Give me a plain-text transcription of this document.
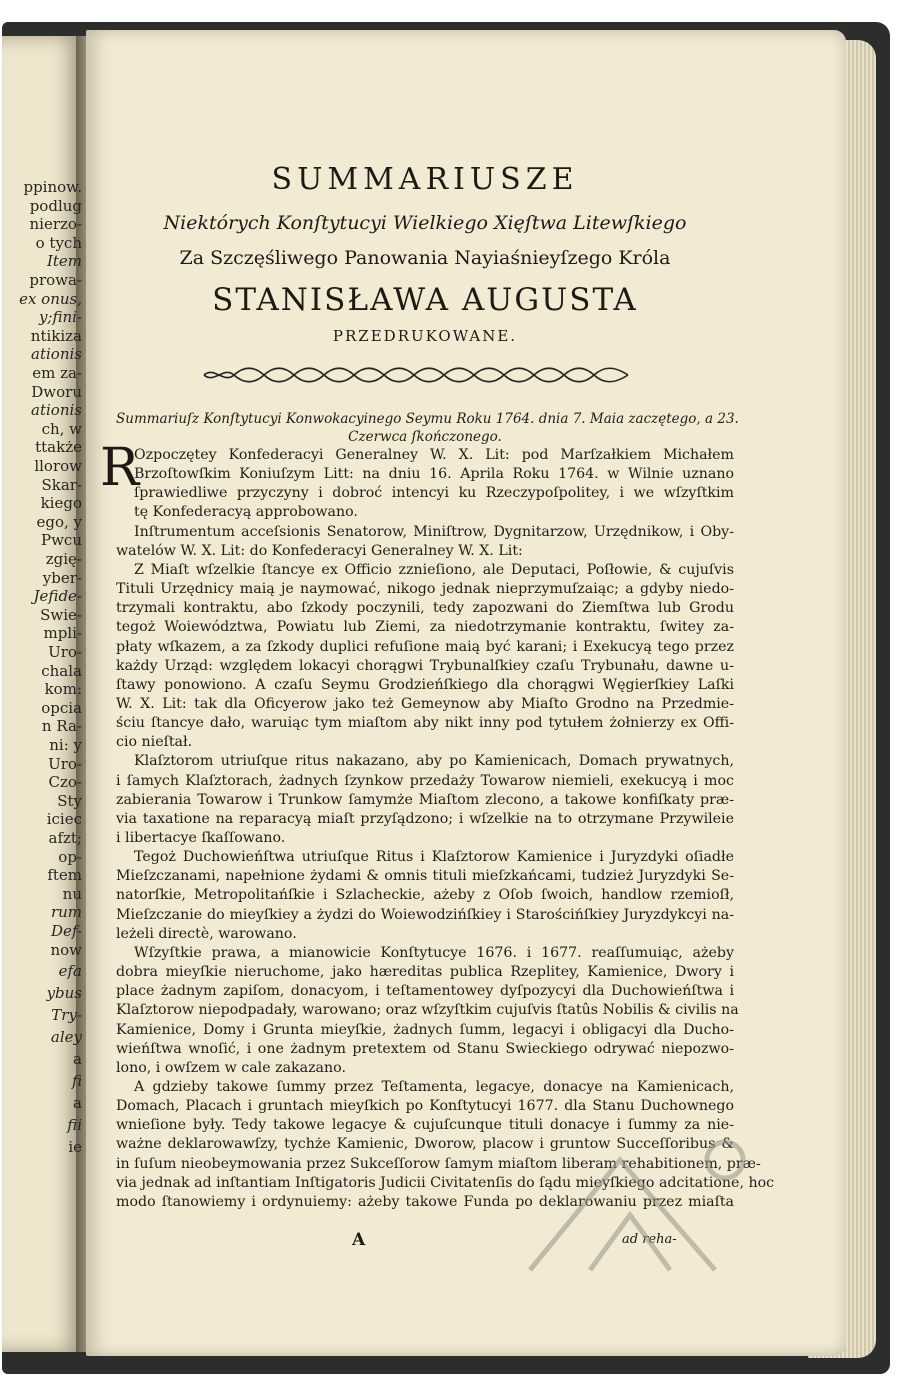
ppinow.
podlug
nierzo-
o tych
Item
prowa-
ex onus,
y;fini-
ntikiza
ationis
em za-
Dworu
ationis
ch, w
ttakże
llorow
Skar-
kiego
ego, y
Pwcu
zgię-
yber-
Jefide-
Swie-
mpli-
Uro-
chala
kom:
opcia
n Ra-
ni: y
Uro-
Czo-
Sty
iciec
afzt;
op-
ftem
nu
rum
Def-
now
efa
ybus
Try-
aley
a
fi
a
fii
ie
SUMMARIUSZE
Niektórych Konſtytucyi Wielkiego Xięſtwa Litewſkiego
Za Szczęśliwego Panowania Nayiaśnieyſzego Króla
STANISŁAWA AUGUSTA
PRZEDRUKOWANE.
Summariuſz Konſtytucyi Konwokacyinego Seymu Roku 1764. dnia 7. Maia zaczętego, a 23.
Czerwca ſkończonego.
R
Ozpoczętey Konfederacyi Generalney W. X. Lit: pod Marſzałkiem Michałem
Brzoſtowſkim Koniuſzym Litt: na dniu 16. Aprila Roku 1764. w Wilnie uznano
ſprawiedliwe przyczyny i dobroć intencyi ku Rzeczypoſpolitey, i we wſzyſtkim
tę Konfederacyą approbowano.
Inſtrumentum acceſsionis Senatorow, Miniſtrow, Dygnitarzow, Urzędnikow, i Oby-
watelów W. X. Lit: do Konfederacyi Generalney W. X. Lit:
Z Miaſt wſzelkie ſtancye ex Officio zznieſiono, ale Deputaci, Poſłowie, & cujuſvis
Tituli Urzędnicy maią je naymować, nikogo jednak nieprzymuſzaiąc; a gdyby niedo-
trzymali kontraktu, abo ſzkody poczynili, tedy zapozwani do Ziemſtwa lub Grodu
tegoż Woiewództwa, Powiatu lub Ziemi, za niedotrzymanie kontraktu, ſwitey za-
płaty wſkazem, a za ſzkody duplici refuſione maią być karani; i Exekucyą tego przez
każdy Urząd: względem lokacyi chorągwi Trybunalſkiey czaſu Trybunału, dawne u-
ſtawy ponowiono. A czaſu Seymu Grodzieńſkiego dla chorągwi Węgierſkiey Laſki
W. X. Lit: tak dla Oficyerow jako też Gemeynow aby Miaſto Grodno na Przedmie-
ściu ſtancye dało, waruiąc tym miaſtom aby nikt inny pod tytułem żołnierzy ex Offi-
cio nieſtał.
Klaſztorom utriuſque ritus nakazano, aby po Kamienicach, Domach prywatnych,
i ſamych Klaſztorach, żadnych ſzynkow przedaży Towarow niemieli, exekucyą i moc
zabierania Towarow i Trunkow ſamymże Miaſtom zlecono, a takowe konfiſkaty præ-
via taxatione na reparacyą miaſt przyſądzono; i wſzelkie na to otrzymane Przywileie
i libertacye ſkaſſowano.
Tegoż Duchowieńſtwa utriuſque Ritus i Klaſztorow Kamienice i Juryzdyki oſiadłe
Mieſzczanami, napełnione żydami & omnis tituli mieſzkańcami, tudzież Juryzdyki Se-
natorſkie, Metropolitańſkie i Szlacheckie, ażeby z Oſob ſwoich, handlow rzemioſł,
Mieſzczanie do mieyſkiey a żydzi do Woiewodzińſkiey i Starościńſkiey Juryzdykcyi na-
leżeli directè, warowano.
Wſzyſtkie prawa, a mianowicie Konſtytucye 1676. i 1677. reaſſumuiąc, ażeby
dobra mieyſkie nieruchome, jako hæreditas publica Rzeplitey, Kamienice, Dwory i
place żadnym zapiſom, donacyom, i teſtamentowey dyſpozycyi dla Duchowieńſtwa i
Klaſztorow niepodpadały, warowano; oraz wſzyſtkim cujuſvis ſtatûs Nobilis & civilis na
Kamienice, Domy i Grunta mieyſkie, żadnych ſumm, legacyi i obligacyi dla Ducho-
wieńſtwa wnoſić, i one żadnym pretextem od Stanu Swieckiego odrywać niepozwo-
lono, i owſzem w cale zakazano.
A gdzieby takowe ſummy przez Teſtamenta, legacye, donacye na Kamienicach,
Domach, Placach i gruntach mieyſkich po Konſtytucyi 1677. dla Stanu Duchownego
wnieſione były. Tedy takowe legacye & cujuſcunque tituli donacye i ſummy za nie-
ważne deklarowawſzy, tychże Kamienic, Dworow, placow i gruntow Succeſſoribus &
in ſuſum nieobeymowania przez Sukceſſorow ſamym miaſtom liberam rehabitionem, præ-
via jednak ad inſtantiam Inſtigatoris Judicii Civitatenſis do ſądu mieyſkiego adcitatione, hoc
modo ſtanowiemy i ordynuiemy: ażeby takowe Funda po deklarowaniu przez miaſta
A	ad reha-
